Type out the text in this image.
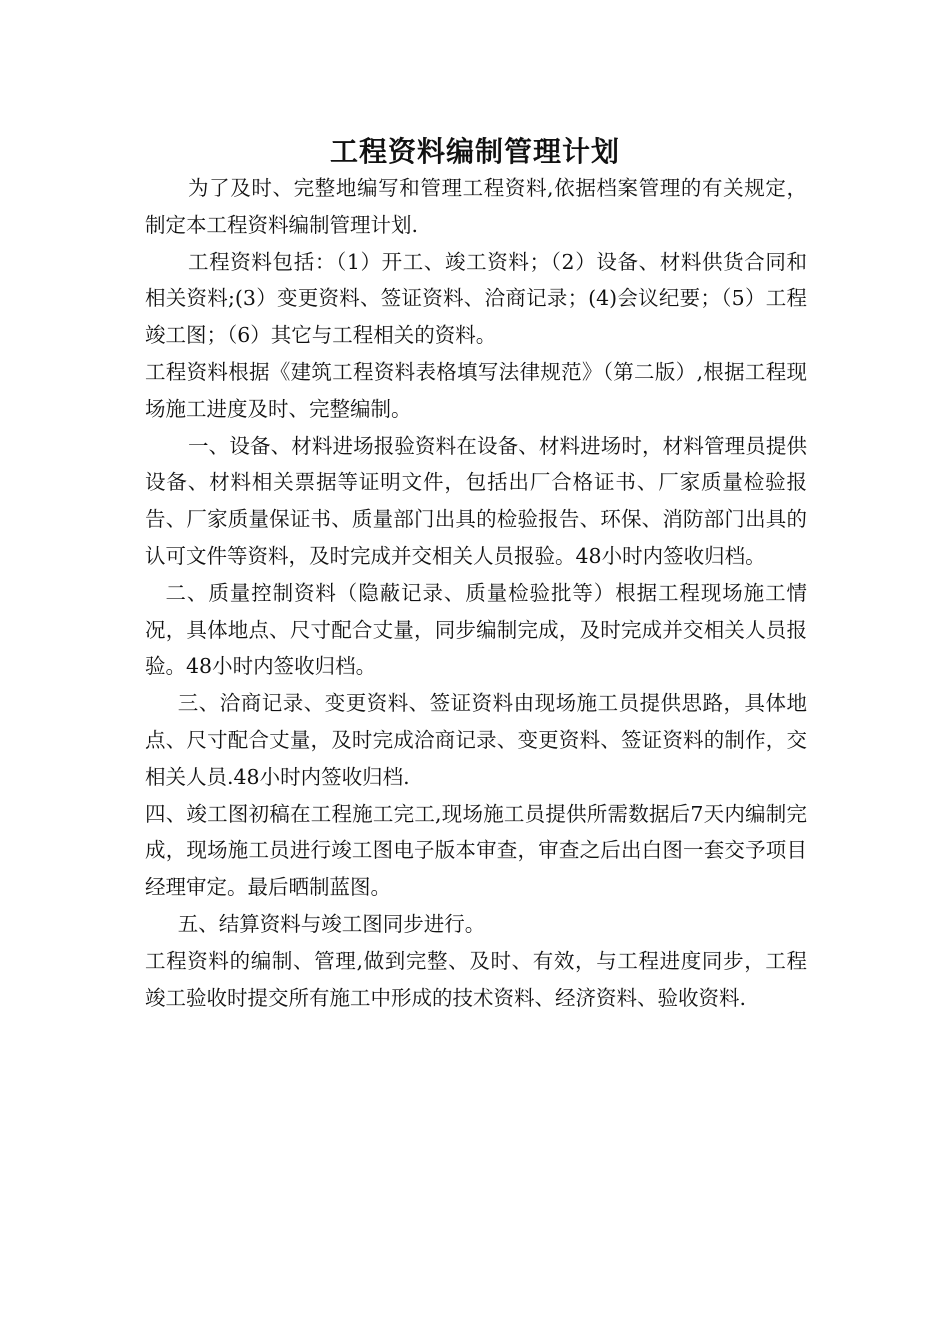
工程资料编制管理计划

为了及时、完整地编写和管理工程资料,依据档案管理的有关规定，制定本工程资料编制管理计划.

工程资料包括：（1）开工、竣工资料；（2）设备、材料供货合同和相关资料;(3）变更资料、签证资料、洽商记录；(4)会议纪要；（5）工程竣工图；（6）其它与工程相关的资料。

工程资料根据《建筑工程资料表格填写法律规范》（第二版）,根据工程现场施工进度及时、完整编制。

一、设备、材料进场报验资料在设备、材料进场时，材料管理员提供设备、材料相关票据等证明文件，包括出厂合格证书、厂家质量检验报告、厂家质量保证书、质量部门出具的检验报告、环保、消防部门出具的认可文件等资料，及时完成并交相关人员报验。48小时内签收归档。

二、质量控制资料（隐蔽记录、质量检验批等）根据工程现场施工情况，具体地点、尺寸配合丈量，同步编制完成，及时完成并交相关人员报验。48小时内签收归档。

三、洽商记录、变更资料、签证资料由现场施工员提供思路，具体地点、尺寸配合丈量，及时完成洽商记录、变更资料、签证资料的制作，交相关人员.48小时内签收归档.

四、竣工图初稿在工程施工完工,现场施工员提供所需数据后7天内编制完成，现场施工员进行竣工图电子版本审查，审查之后出白图一套交予项目经理审定。最后晒制蓝图。

五、结算资料与竣工图同步进行。

工程资料的编制、管理,做到完整、及时、有效，与工程进度同步，工程竣工验收时提交所有施工中形成的技术资料、经济资料、验收资料.
